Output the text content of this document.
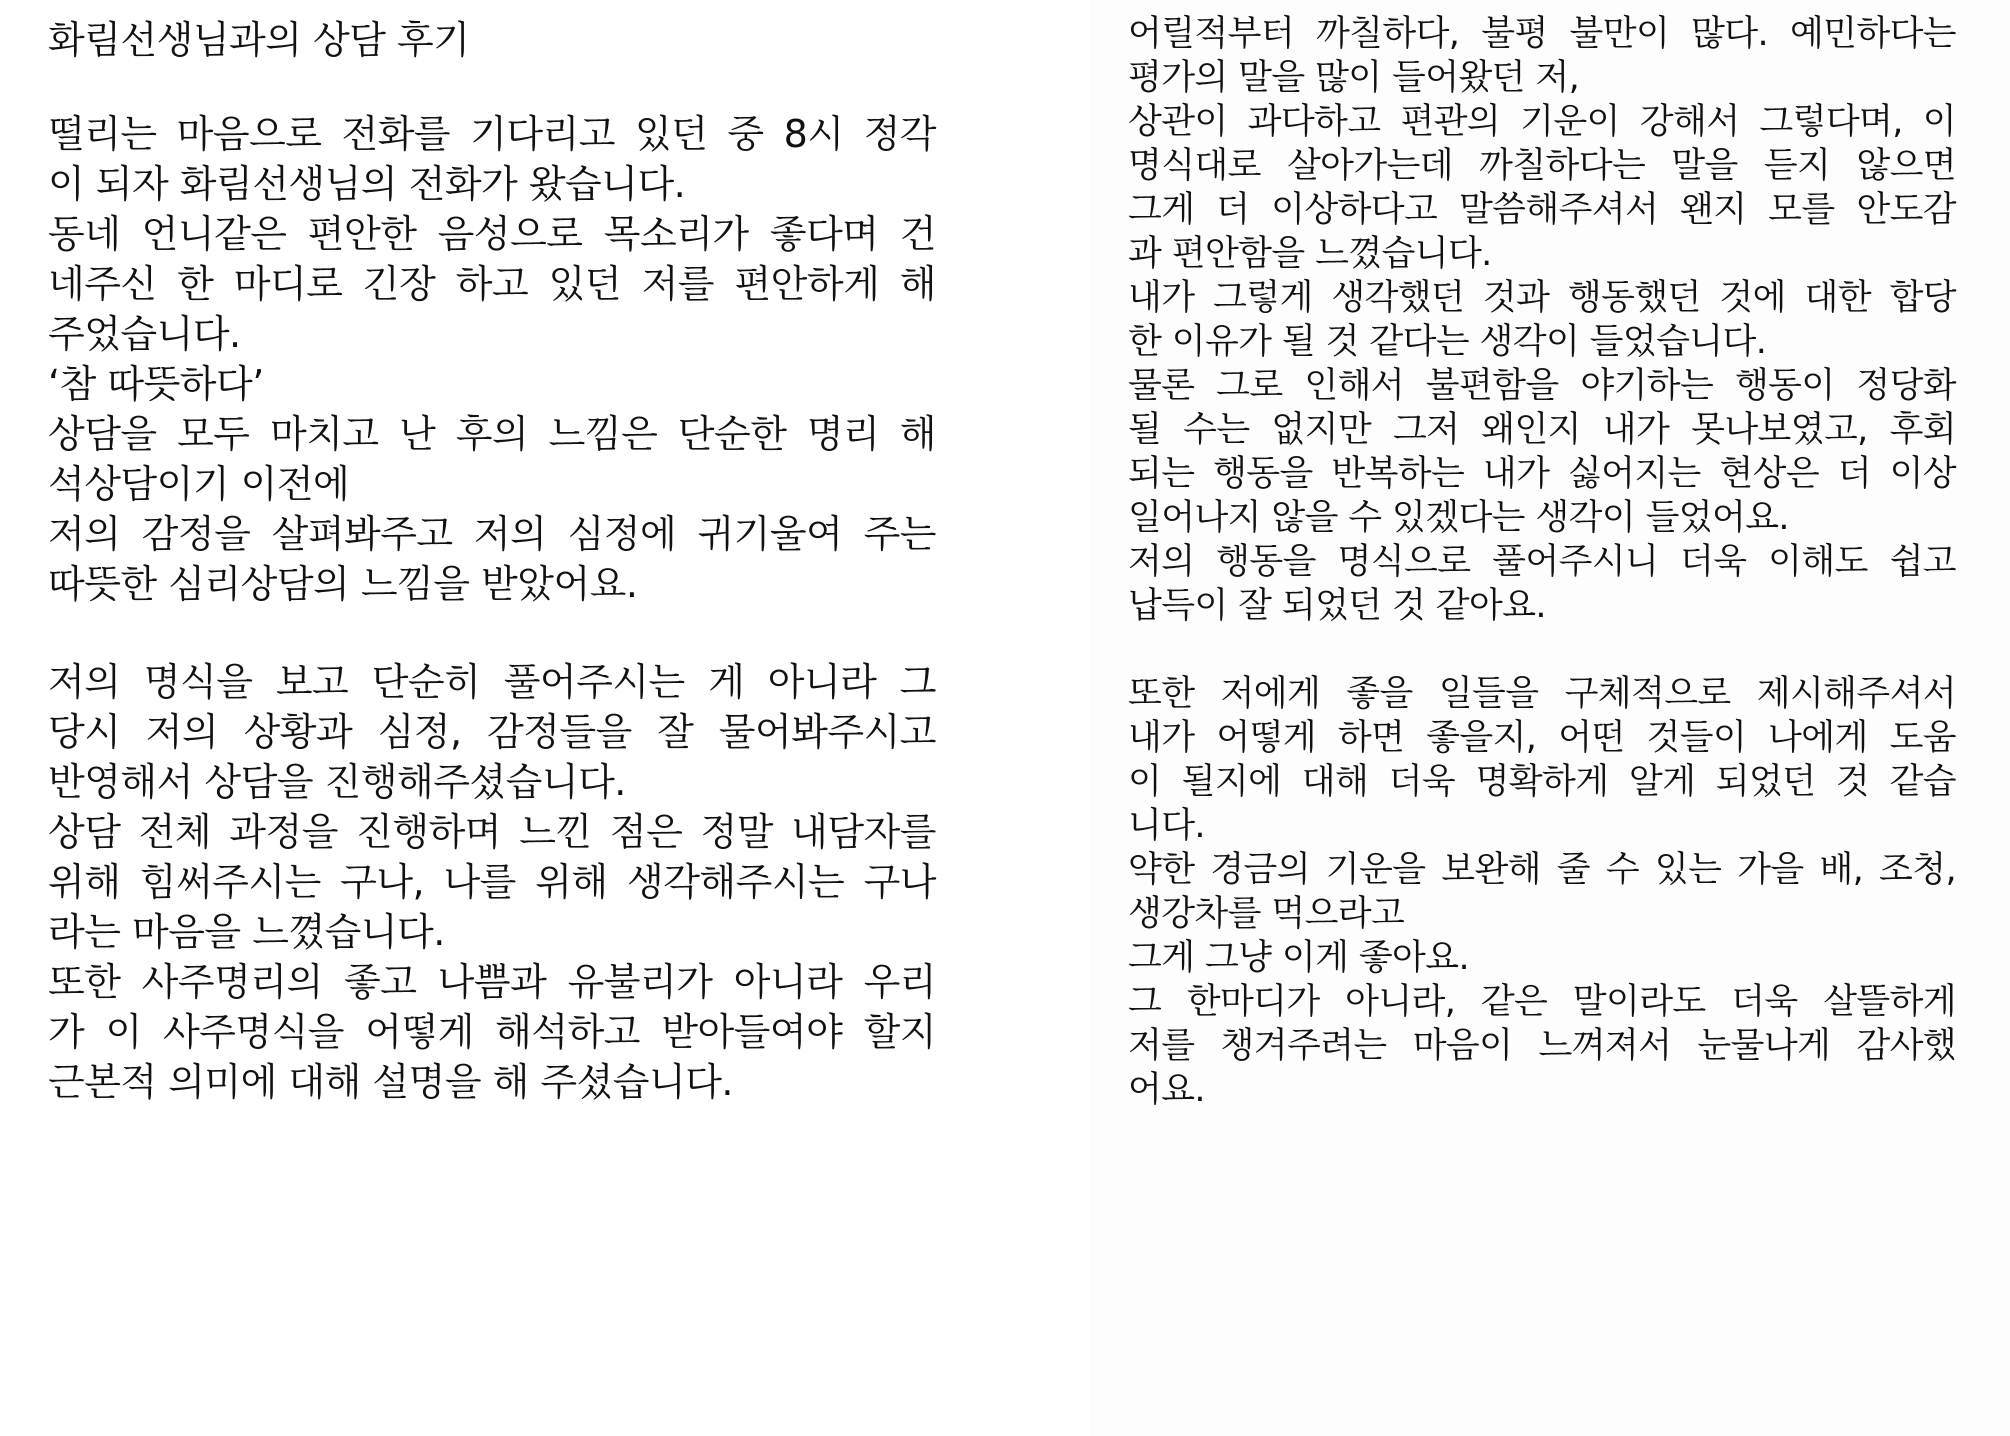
화림선생님과의 상담 후기
떨리는 마음으로 전화를 기다리고 있던 중 8시 정각
이 되자 화림선생님의 전화가 왔습니다.
동네 언니같은 편안한 음성으로 목소리가 좋다며 건
네주신 한 마디로 긴장 하고 있던 저를 편안하게 해
주었습니다.
‘참 따뜻하다’
상담을 모두 마치고 난 후의 느낌은 단순한 명리 해
석상담이기 이전에
저의 감정을 살펴봐주고 저의 심정에 귀기울여 주는
따뜻한 심리상담의 느낌을 받았어요.
저의 명식을 보고 단순히 풀어주시는 게 아니라 그
당시 저의 상황과 심정, 감정들을 잘 물어봐주시고
반영해서 상담을 진행해주셨습니다.
상담 전체 과정을 진행하며 느낀 점은 정말 내담자를
위해 힘써주시는 구나, 나를 위해 생각해주시는 구나
라는 마음을 느꼈습니다.
또한 사주명리의 좋고 나쁨과 유불리가 아니라 우리
가 이 사주명식을 어떻게 해석하고 받아들여야 할지
근본적 의미에 대해 설명을 해 주셨습니다.
어릴적부터 까칠하다, 불평 불만이 많다. 예민하다는
평가의 말을 많이 들어왔던 저,
상관이 과다하고 편관의 기운이 강해서 그렇다며, 이
명식대로 살아가는데 까칠하다는 말을 듣지 않으면
그게 더 이상하다고 말씀해주셔서 왠지 모를 안도감
과 편안함을 느꼈습니다.
내가 그렇게 생각했던 것과 행동했던 것에 대한 합당
한 이유가 될 것 같다는 생각이 들었습니다.
물론 그로 인해서 불편함을 야기하는 행동이 정당화
될 수는 없지만 그저 왜인지 내가 못나보였고, 후회
되는 행동을 반복하는 내가 싫어지는 현상은 더 이상
일어나지 않을 수 있겠다는 생각이 들었어요.
저의 행동을 명식으로 풀어주시니 더욱 이해도 쉽고
납득이 잘 되었던 것 같아요.
또한 저에게 좋을 일들을 구체적으로 제시해주셔서
내가 어떻게 하면 좋을지, 어떤 것들이 나에게 도움
이 될지에 대해 더욱 명확하게 알게 되었던 것 같습
니다.
약한 경금의 기운을 보완해 줄 수 있는 가을 배, 조청,
생강차를 먹으라고
그게 그냥 이게 좋아요.
그 한마디가 아니라, 같은 말이라도 더욱 살뜰하게
저를 챙겨주려는 마음이 느껴져서 눈물나게 감사했
어요.
